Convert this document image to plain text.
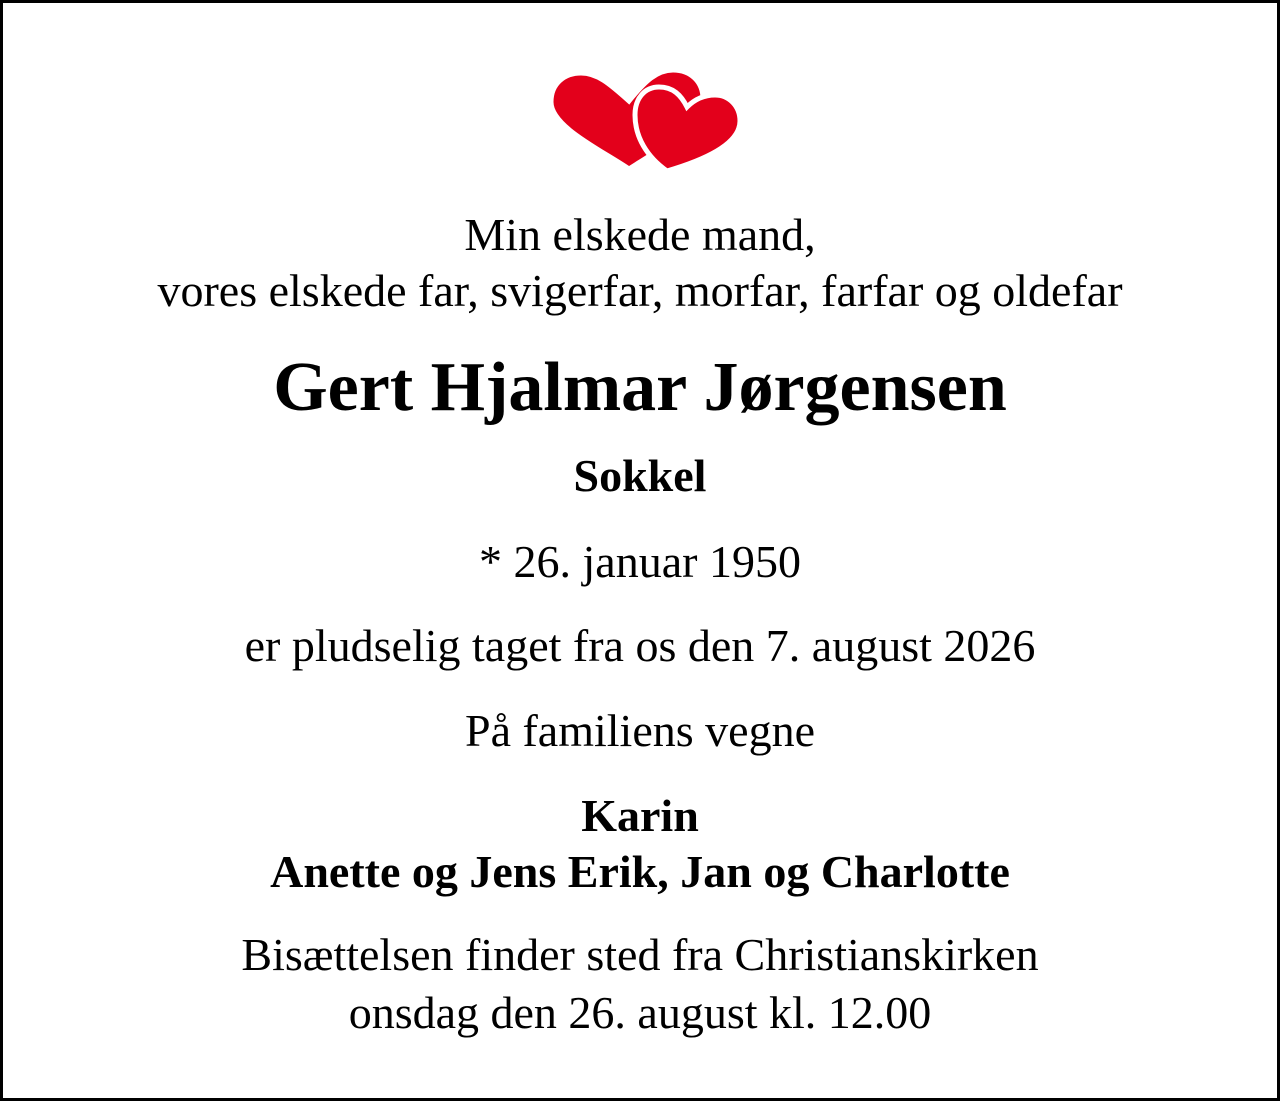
Min elskede mand,
vores elskede far, svigerfar, morfar, farfar og oldefar
Gert Hjalmar Jørgensen
Sokkel
* 26. januar 1950
er pludselig taget fra os den 7. august 2026
På familiens vegne
Karin
Anette og Jens Erik, Jan og Charlotte
Bisættelsen finder sted fra Christianskirken
onsdag den 26. august kl. 12.00
